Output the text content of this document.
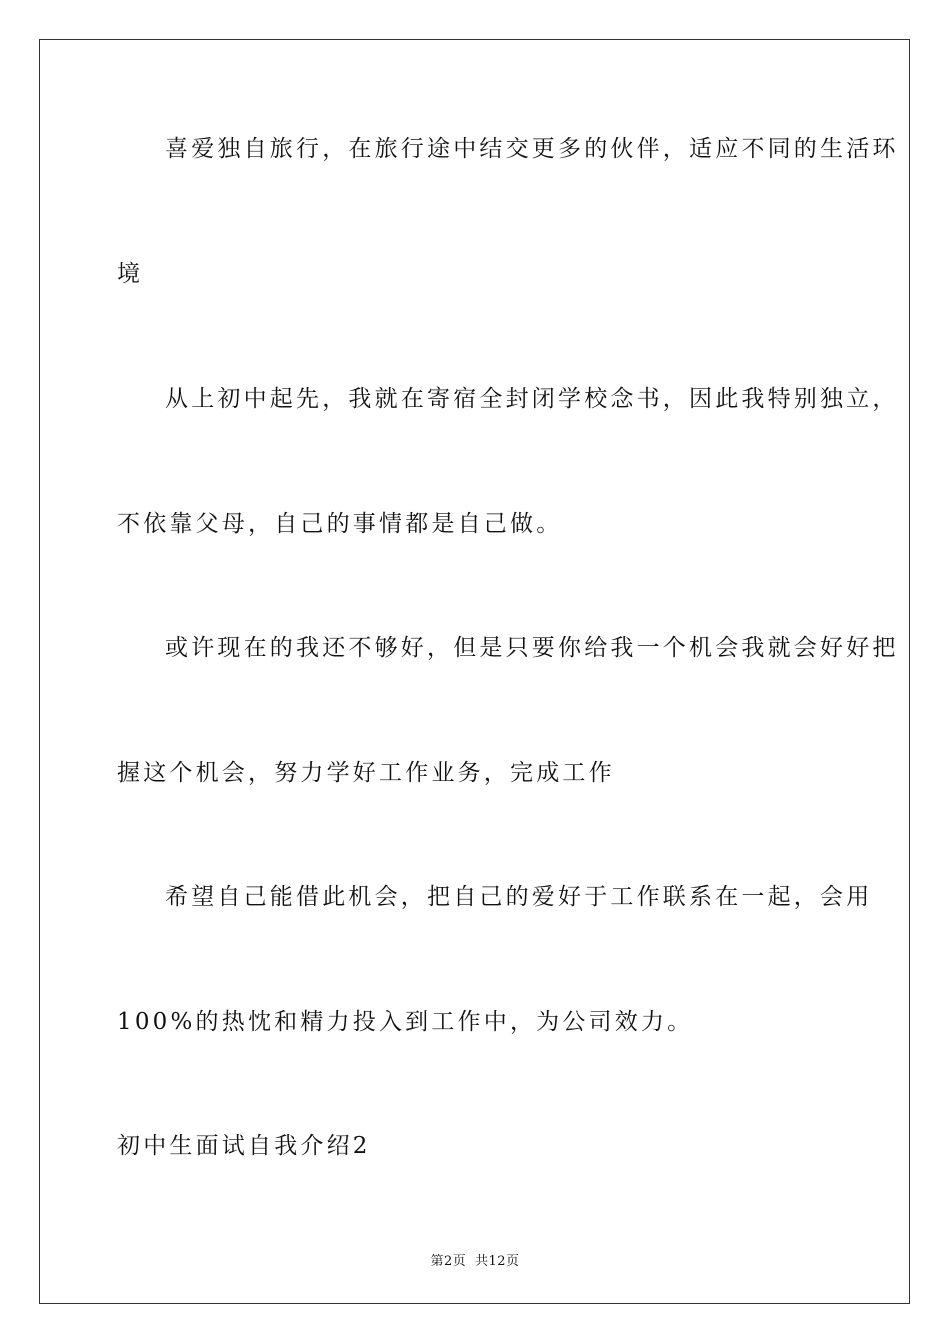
喜爱独自旅行，在旅行途中结交更多的伙伴，适应不同的生活环
境
从上初中起先，我就在寄宿全封闭学校念书，因此我特别独立，
不依靠父母，自己的事情都是自己做。
或许现在的我还不够好，但是只要你给我一个机会我就会好好把
握这个机会，努力学好工作业务，完成工作
希望自己能借此机会，把自己的爱好于工作联系在一起，会用
100%的热忱和精力投入到工作中，为公司效力。
初中生面试自我介绍2
第2页 共12页
